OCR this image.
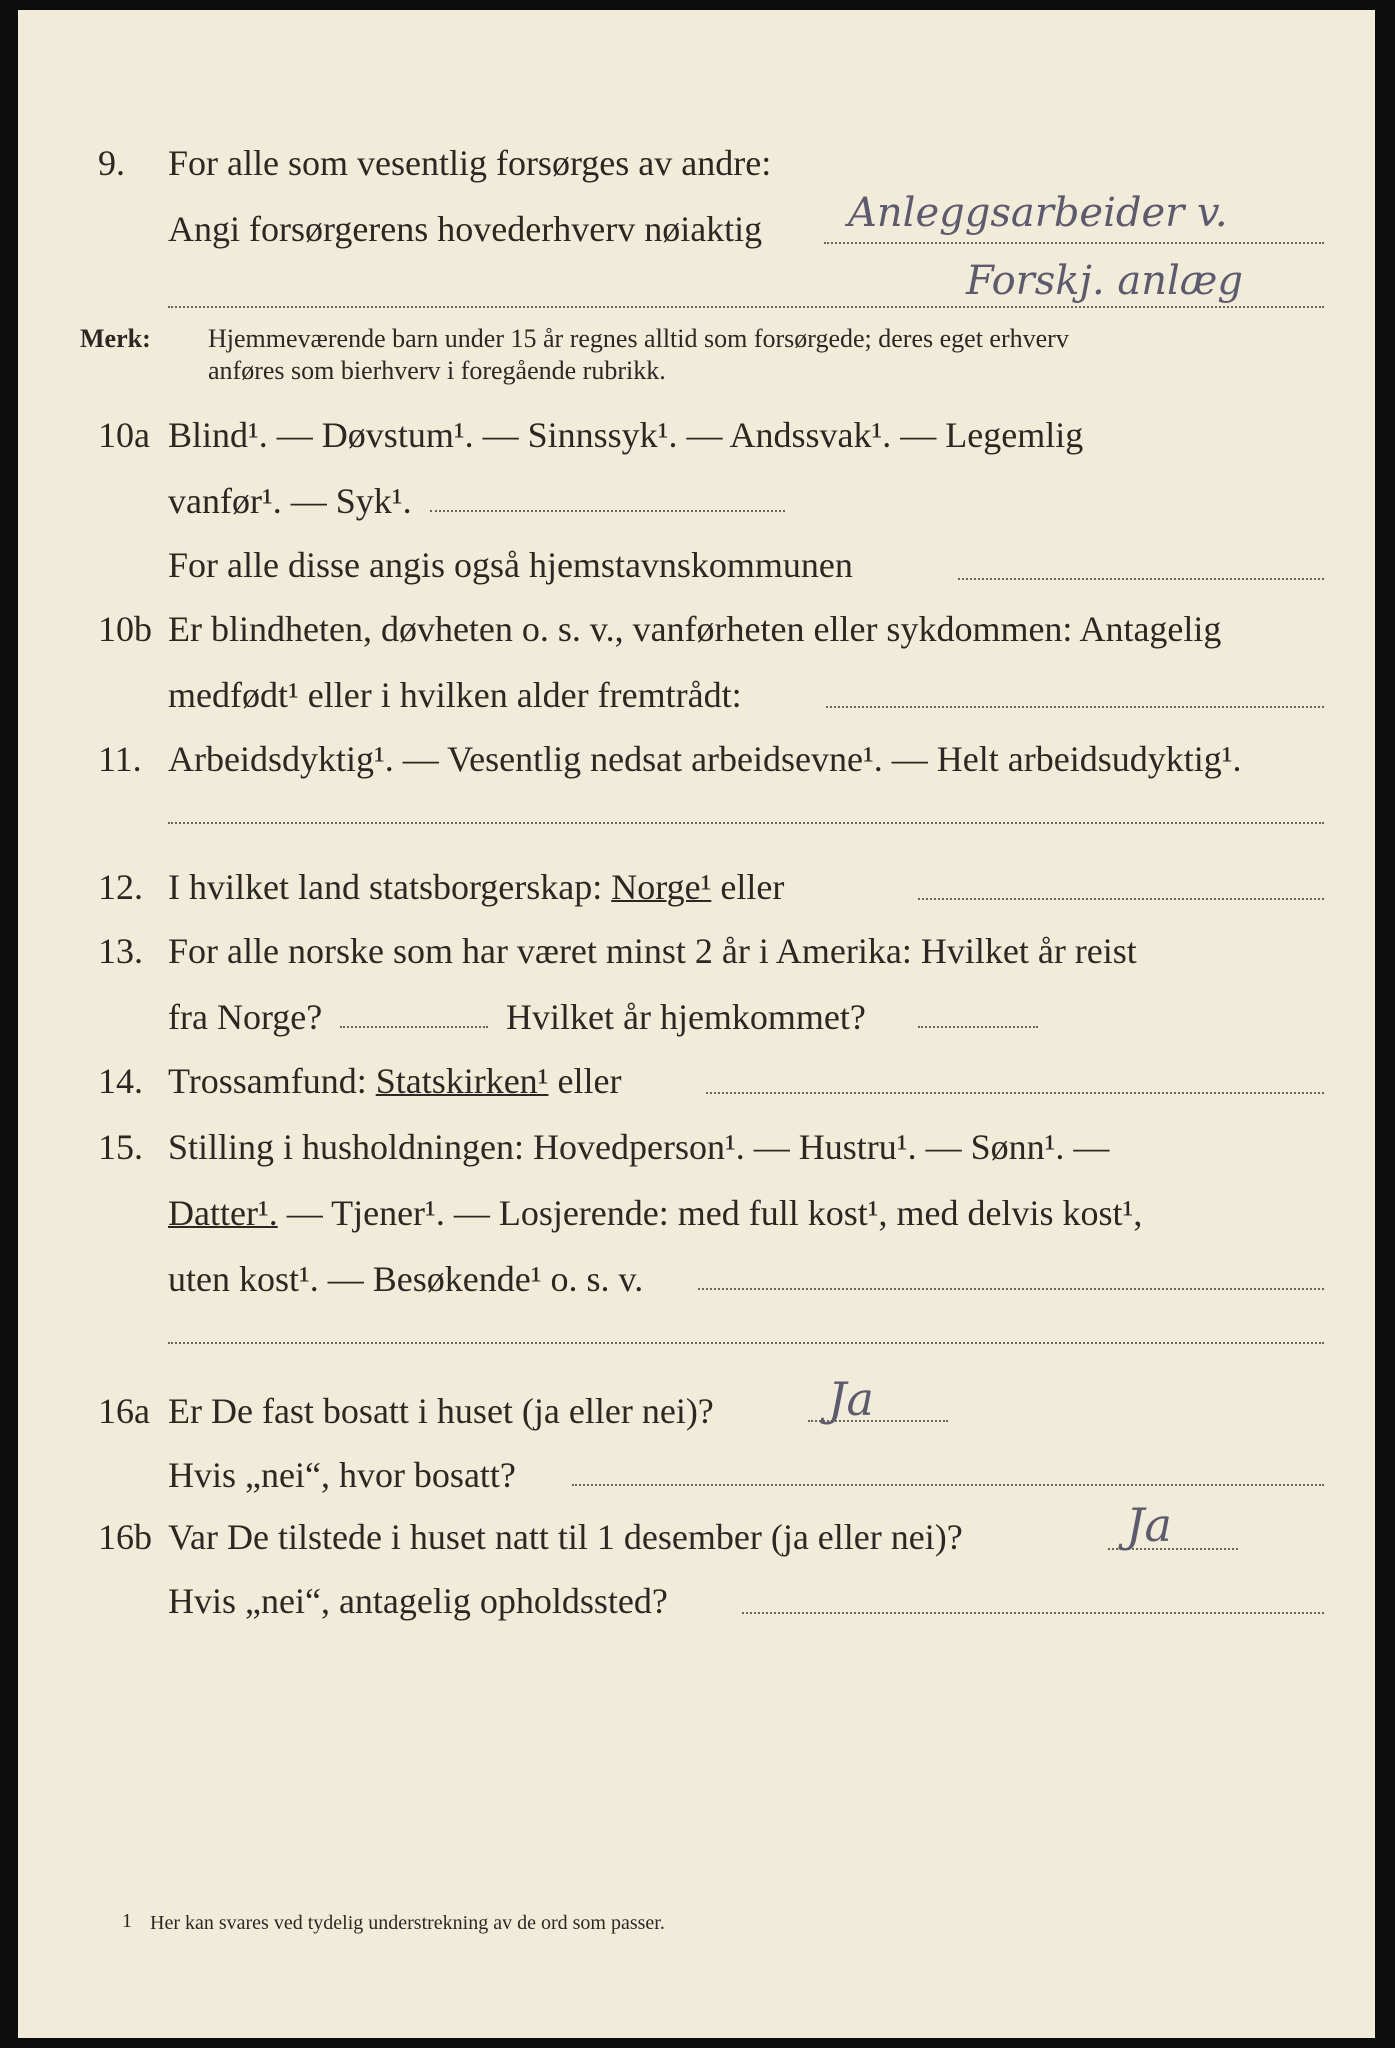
9. For alle som vesentlig forsørges av andre:
Angi forsørgerens hovederhverv nøiaktig Anleggsarbeider v.
Forskj. anlæg
Merk: Hjemmeværende barn under 15 år regnes alltid som forsørgede; deres eget erhverv
anføres som bierhverv i foregående rubrikk.
10a Blind¹. — Døvstum¹. — Sinnssyk¹. — Andssvak¹. — Legemlig
vanfør¹. — Syk¹.
For alle disse angis også hjemstavnskommunen
10b Er blindheten, døvheten o. s. v., vanførheten eller sykdommen: Antagelig
medfødt¹ eller i hvilken alder fremtrådt:
11. Arbeidsdyktig¹. — Vesentlig nedsat arbeidsevne¹. — Helt arbeidsudyktig¹.
12. I hvilket land statsborgerskap: Norge¹ eller
13. For alle norske som har været minst 2 år i Amerika: Hvilket år reist
fra Norge?	Hvilket år hjemkommet?
14. Trossamfund: Statskirken¹ eller
15. Stilling i husholdningen: Hovedperson¹. — Hustru¹. — Sønn¹. —
Datter¹. — Tjener¹. — Losjerende: med full kost¹, med delvis kost¹,
uten kost¹. — Besøkende¹ o. s. v.
16a Er De fast bosatt i huset (ja eller nei)? Ja
Hvis „nei“, hvor bosatt?
16b Var De tilstede i huset natt til 1 desember (ja eller nei)?	Ja
Hvis „nei“, antagelig opholdssted?
1 Her kan svares ved tydelig understrekning av de ord som passer.
